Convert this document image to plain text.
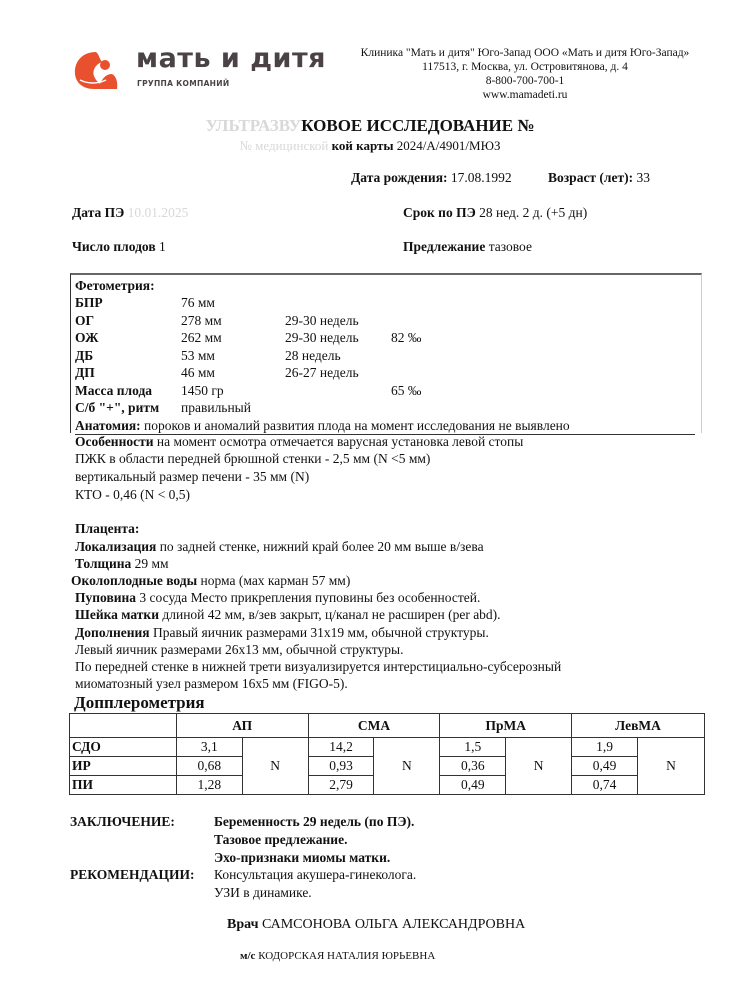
мать и дитя
ГРУППА КОМПАНИЙ
Клиника "Мать и дитя" Юго-Запад ООО «Мать и дитя Юго-Запад»
117513, г. Москва, ул. Островитянова, д. 4
8-800-700-700-1
www.mamadeti.ru
УЛЬТРАЗВУКОВОЕ ИССЛЕДОВАНИЕ №
№ медицинской кой карты 2024/А/4901/МЮЗ
Дата рождения: 17.08.1992	Возраст (лет): 33
Дата ПЭ 10.01.2025	Срок по ПЭ 28 нед. 2 д. (+5 дн)
Число плодов 1	Предлежание тазовое
Фетометрия:
БПР	76 мм
ОГ	278 мм	29-30 недель
ОЖ	262 мм	29-30 недель 82 ‰
ДБ	53 мм	28 недель
ДП	46 мм	26-27 недель
Масса плода 1450 гр	65 ‰
С/б "+", ритм правильный
Анатомия: пороков и аномалий развития плода на момент исследования не выявлено
Особенности на момент осмотра отмечается варусная установка левой стопы
ПЖК в области передней брюшной стенки - 2,5 мм (N <5 мм)
вертикальный размер печени - 35 мм (N)
КТО - 0,46 (N < 0,5)
Плацента:
Локализация по задней стенке, нижний край более 20 мм выше в/зева
Толщина 29 мм
Околоплодные воды норма (мах карман 57 мм)
Пуповина 3 сосуда Место прикрепления пуповины без особенностей.
Шейка матки длиной 42 мм, в/зев закрыт, ц/канал не расширен (per abd).
Дополнения Правый яичник размерами 31х19 мм, обычной структуры.
Левый яичник размерами 26х13 мм, обычной структуры.
По передней стенке в нижней трети визуализируется интерстициально-субсерозный
миоматозный узел размером 16х5 мм (FIGO-5).
Допплерометрия
	АП		СМА		ПрМА		ЛевМА	
СДО	3,1	N	14,2	N	1,5	N	1,9	N
ИР	0,68		0,93		0,36		0,49	
ПИ	1,28		2,79		0,49		0,74	
ЗАКЛЮЧЕНИЕ:	Беременность 29 недель (по ПЭ).
Тазовое предлежание.
Эхо-признаки миомы матки.
РЕКОМЕНДАЦИИ: Консультация акушера-гинеколога.
УЗИ в динамике.
Врач САМСОНОВА ОЛЬГА АЛЕКСАНДРОВНА
м/с КОДОРСКАЯ НАТАЛИЯ ЮРЬЕВНА
